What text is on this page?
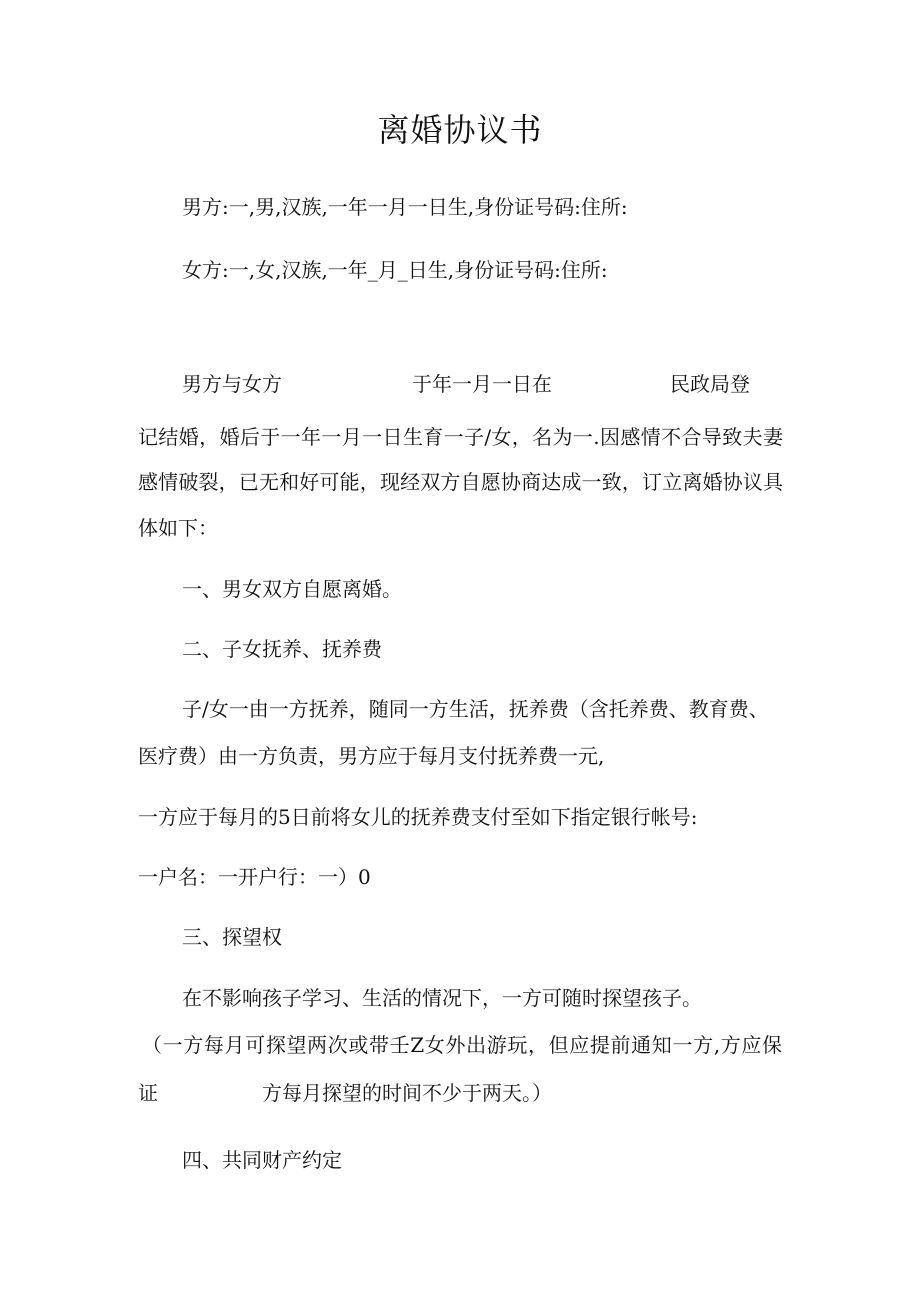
离婚协议书

男方:一,男,汉族,一年一月一日生,身份证号码:住所:

女方:一,女,汉族,一年_月_日生,身份证号码:住所:

男方与女方	于年一月一日在	民政局登

记结婚，婚后于一年一月一日生育一子/女，名为一.因感情不合导致夫妻

感情破裂，已无和好可能，现经双方自愿协商达成一致，订立离婚协议具

体如下：

一、男女双方自愿离婚。

二、子女抚养、抚养费

子/女一由一方抚养，随同一方生活，抚养费（含托养费、教育费、

医疗费）由一方负责，男方应于每月支付抚养费一元,

一方应于每月的5日前将女儿的抚养费支付至如下指定银行帐号:

一户名：一开户行：一）0

三、探望权

在不影响孩子学习、生活的情况下，一方可随时探望孩子。

（一方每月可探望两次或带壬Z女外出游玩，但应提前通知一方,方应保

证	方每月探望的时间不少于两天。）

四、共同财产约定
